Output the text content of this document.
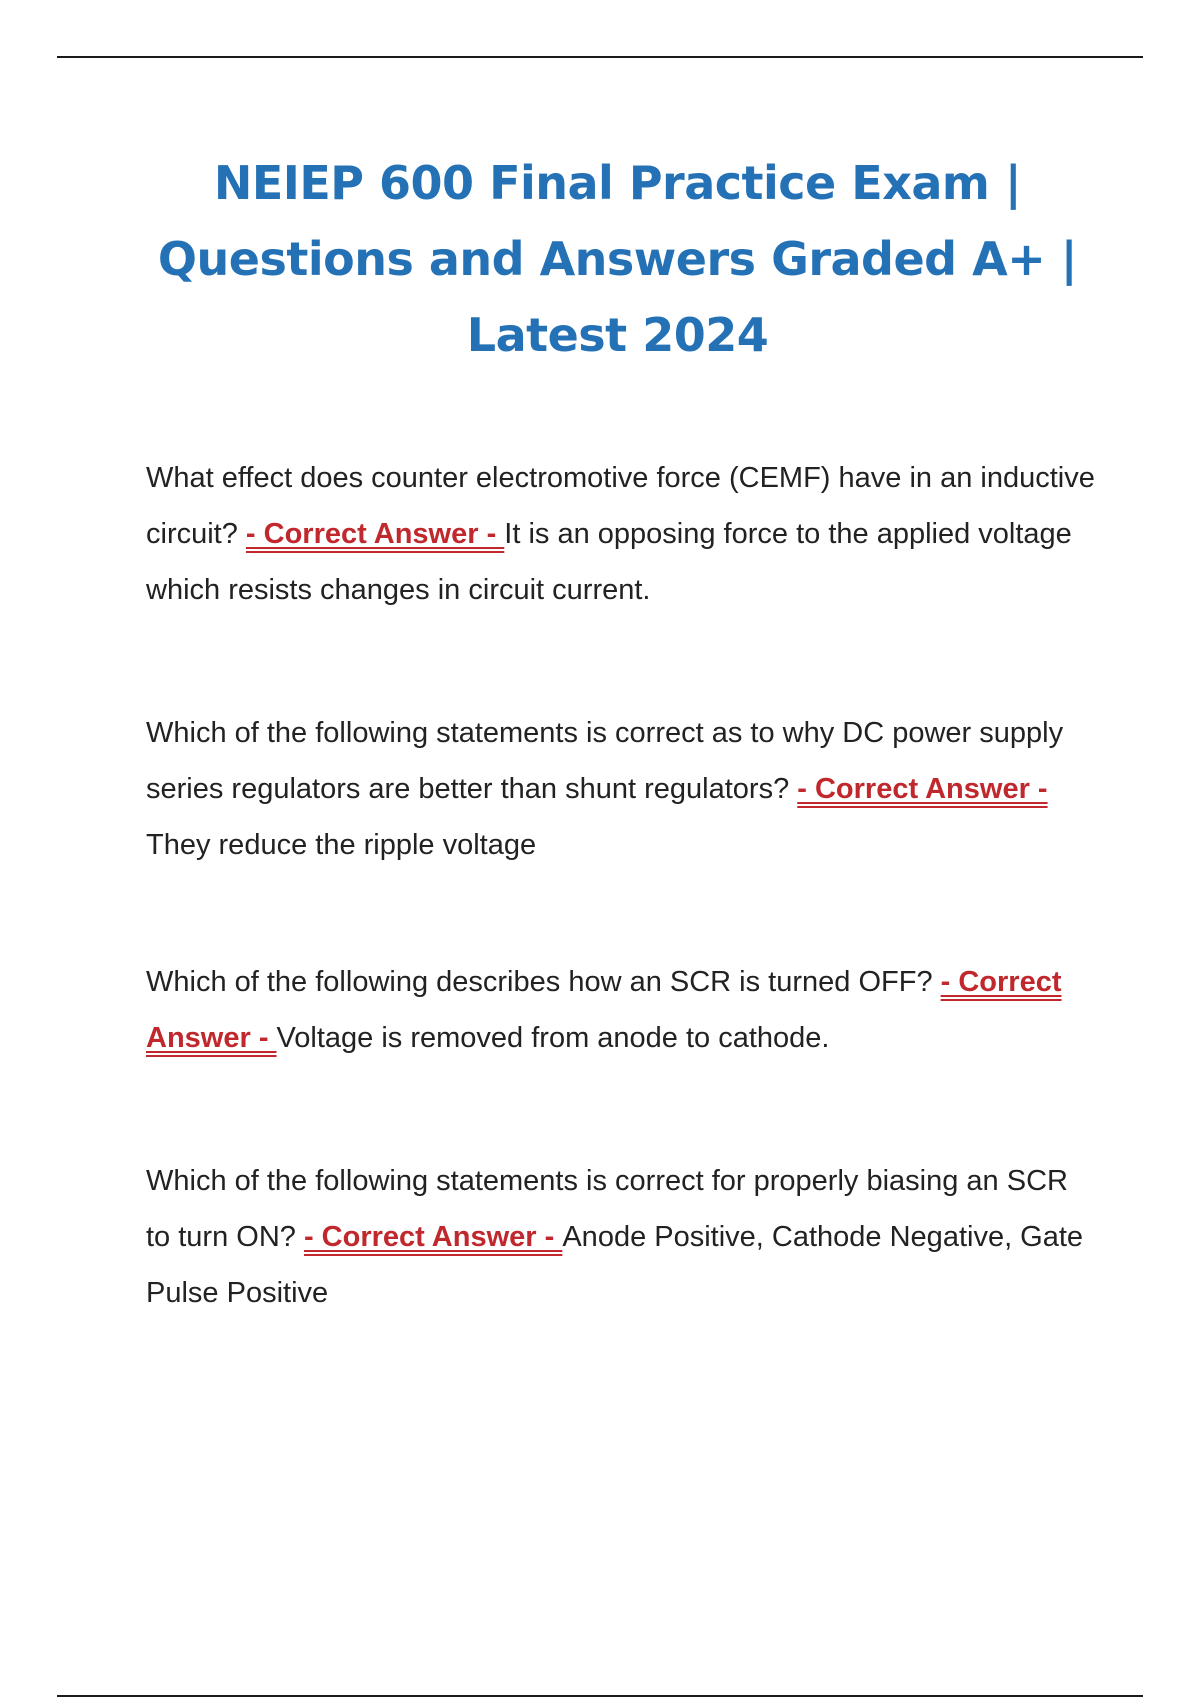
NEIEP 600 Final Practice Exam |
Questions and Answers Graded A+ |
Latest 2024

What effect does counter electromotive force (CEMF) have in an inductive circuit? - Correct Answer - It is an opposing force to the applied voltage which resists changes in circuit current.

Which of the following statements is correct as to why DC power supply series regulators are better than shunt regulators? - Correct Answer - They reduce the ripple voltage

Which of the following describes how an SCR is turned OFF? - Correct Answer - Voltage is removed from anode to cathode.

Which of the following statements is correct for properly biasing an SCR to turn ON? - Correct Answer - Anode Positive, Cathode Negative, Gate Pulse Positive
